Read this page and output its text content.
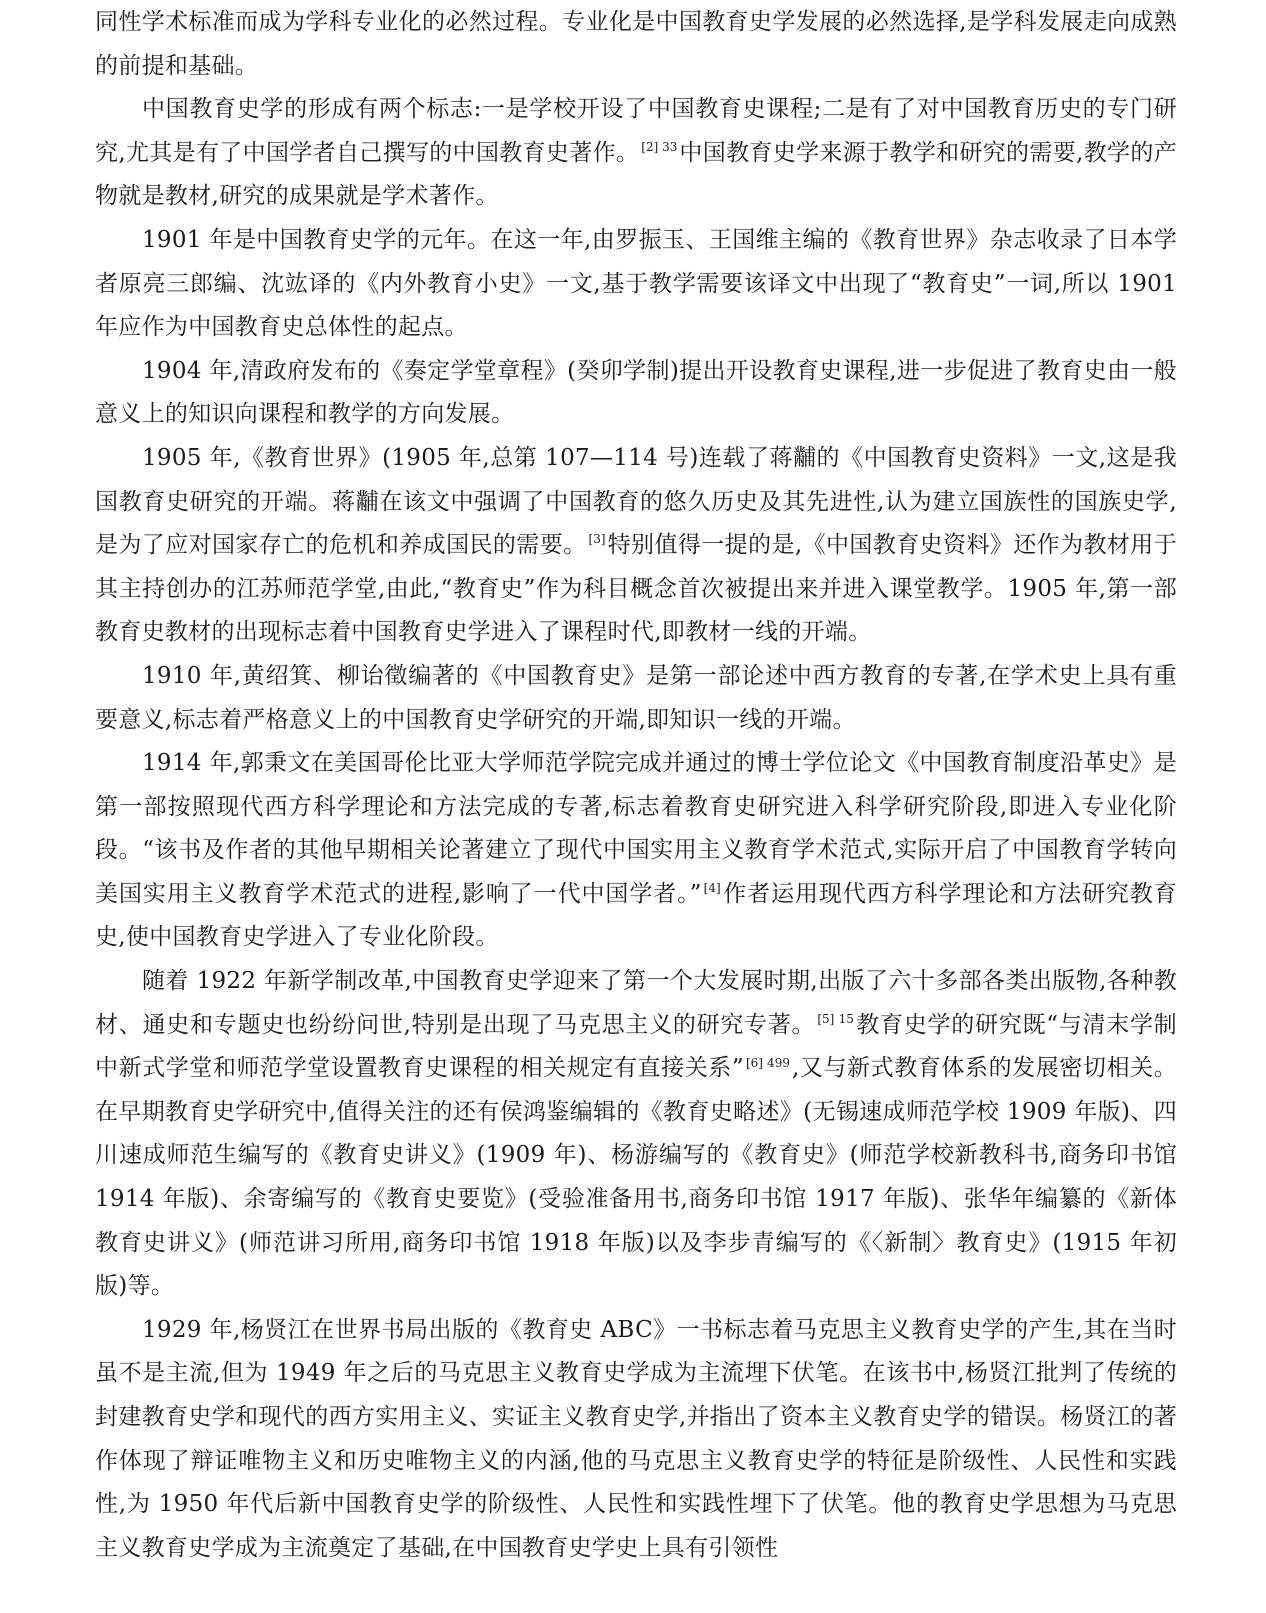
同性学术标准而成为学科专业化的必然过程。专业化是中国教育史学发展的必然选择,是学科发展走向成熟的前提和基础。

中国教育史学的形成有两个标志:一是学校开设了中国教育史课程;二是有了对中国教育历史的专门研究,尤其是有了中国学者自己撰写的中国教育史著作。 $^{[2] 33}$中国教育史学来源于教学和研究的需要,教学的产物就是教材,研究的成果就是学术著作。

1901 年是中国教育史学的元年。在这一年,由罗振玉、王国维主编的《教育世界》杂志收录了日本学者原亮三郎编、沈竑译的《内外教育小史》一文,基于教学需要该译文中出现了“教育史”一词,所以 1901 年应作为中国教育史总体性的起点。

1904 年,清政府发布的《奏定学堂章程》(癸卯学制)提出开设教育史课程,进一步促进了教育史由一般意义上的知识向课程和教学的方向发展。

1905 年,《教育世界》(1905 年,总第 107—114 号)连载了蒋黼的《中国教育史资料》一文,这是我国教育史研究的开端。蒋黼在该文中强调了中国教育的悠久历史及其先进性,认为建立国族性的国族史学,是为了应对国家存亡的危机和养成国民的需要。 [3]特别值得一提的是,《中国教育史资料》还作为教材用于其主持创办的江苏师范学堂,由此,“教育史”作为科目概念首次被提出来并进入课堂教学。1905 年,第一部教育史教材的出现标志着中国教育史学进入了课程时代,即教材一线的开端。

1910 年,黄绍箕、柳诒徵编著的《中国教育史》是第一部论述中西方教育的专著,在学术史上具有重要意义,标志着严格意义上的中国教育史学研究的开端,即知识一线的开端。

1914 年,郭秉文在美国哥伦比亚大学师范学院完成并通过的博士学位论文《中国教育制度沿革史》是第一部按照现代西方科学理论和方法完成的专著,标志着教育史研究进入科学研究阶段,即进入专业化阶段。“该书及作者的其他早期相关论著建立了现代中国实用主义教育学术范式,实际开启了中国教育学转向美国实用主义教育学术范式的进程,影响了一代中国学者。” [4]作者运用现代西方科学理论和方法研究教育史,使中国教育史学进入了专业化阶段。

随着 1922 年新学制改革,中国教育史学迎来了第一个大发展时期,出版了六十多部各类出版物,各种教材、通史和专题史也纷纷问世,特别是出现了马克思主义的研究专著。 $^{[5] 15}$教育史学的研究既“与清末学制中新式学堂和师范学堂设置教育史课程的相关规定有直接关系” $^{[6] 499}$,又与新式教育体系的发展密切相关。在早期教育史学研究中,值得关注的还有侯鸿鉴编辑的《教育史略述》(无锡速成师范学校 1909 年版)、四川速成师范生编写的《教育史讲义》(1909 年)、杨游编写的《教育史》(师范学校新教科书,商务印书馆 1914 年版)、余寄编写的《教育史要览》(受验准备用书,商务印书馆 1917 年版)、张华年编纂的《新体教育史讲义》(师范讲习所用,商务印书馆 1918 年版)以及李步青编写的《〈新制〉教育史》(1915 年初版)等。

1929 年,杨贤江在世界书局出版的《教育史 ABC》一书标志着马克思主义教育史学的产生,其在当时虽不是主流,但为 1949 年之后的马克思主义教育史学成为主流埋下伏笔。在该书中,杨贤江批判了传统的封建教育史学和现代的西方实用主义、实证主义教育史学,并指出了资本主义教育史学的错误。杨贤江的著作体现了辩证唯物主义和历史唯物主义的内涵,他的马克思主义教育史学的特征是阶级性、人民性和实践性,为 1950 年代后新中国教育史学的阶级性、人民性和实践性埋下了伏笔。他的教育史学思想为马克思主义教育史学成为主流奠定了基础,在中国教育史学史上具有引领性
